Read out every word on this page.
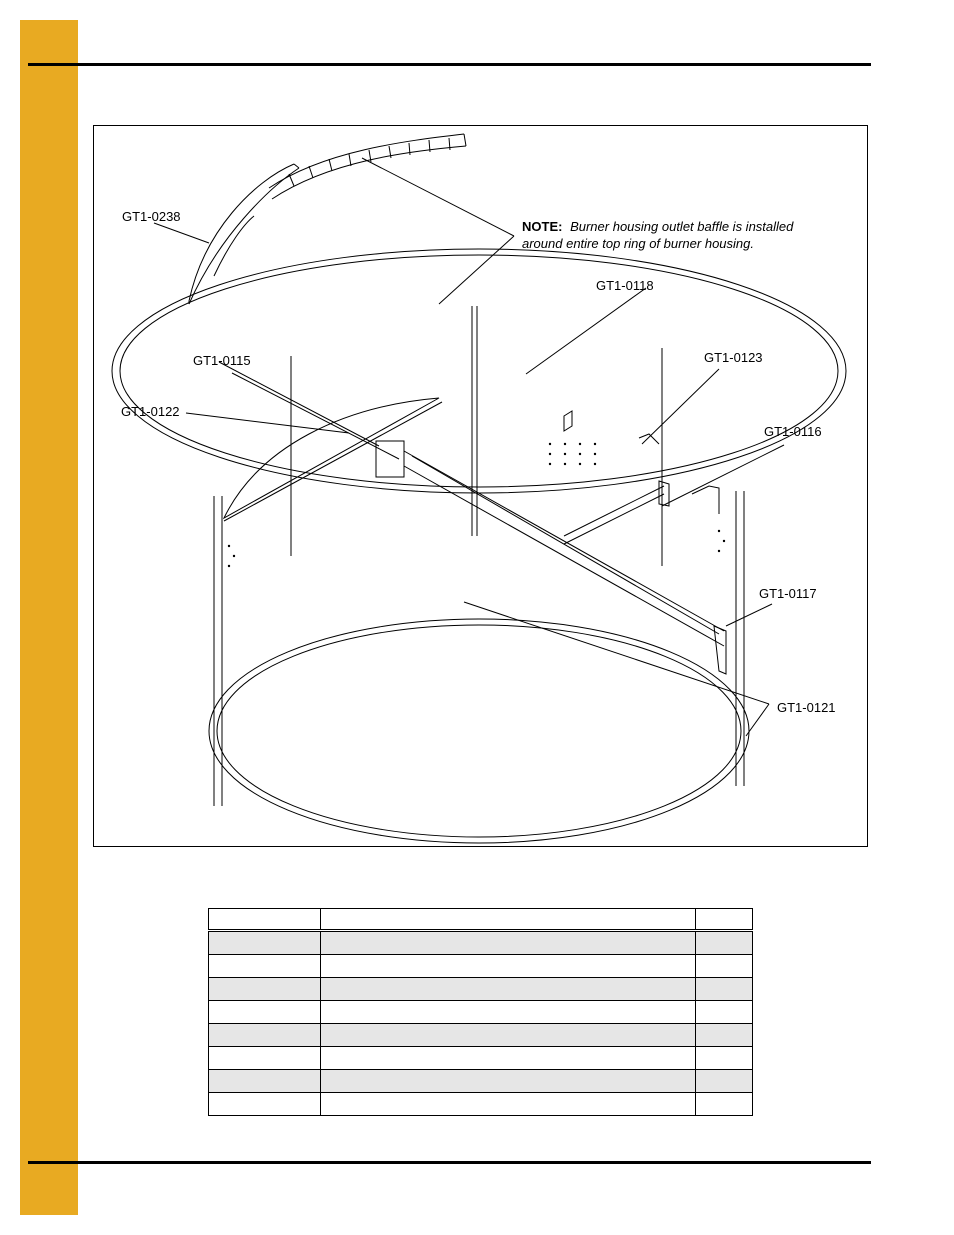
GT1-0238
GT1-0118
GT1-0115	GT1-0123
GT1-0122
GT1-0116
GT1-0117
GT1-0121
NOTE: Burner housing outlet baffle is installed
around entire top ring of burner housing.
